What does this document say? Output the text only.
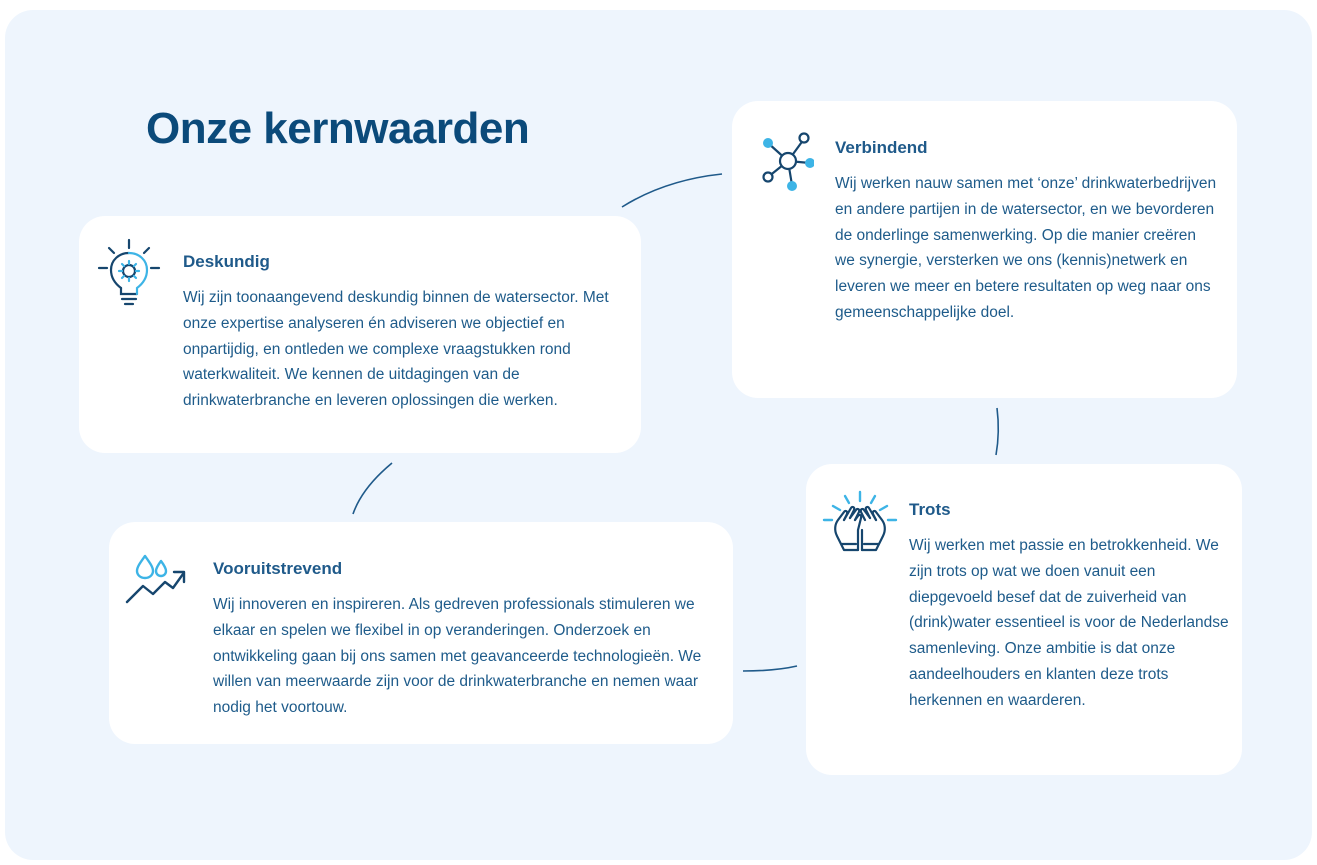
Onze kernwaarden
Deskundig

Wij zijn toonaangevend deskundig binnen de watersector. Met onze expertise analyseren én adviseren we objectief en onpartijdig, en ontleden we complexe vraagstukken rond waterkwaliteit. We kennen de uitdagingen van de drinkwaterbranche en leveren oplossingen die werken.

Verbindend

Wij werken nauw samen met ‘onze’ drinkwaterbedrijven en andere partijen in de watersector, en we bevorderen de onderlinge samenwerking. Op die manier creëren we synergie, versterken we ons (kennis)netwerk en leveren we meer en betere resultaten op weg naar ons gemeenschappelijke doel.

Vooruitstrevend

Wij innoveren en inspireren. Als gedreven professionals stimuleren we elkaar en spelen we flexibel in op veranderingen. Onderzoek en ontwikkeling gaan bij ons samen met geavanceerde technologieën. We willen van meerwaarde zijn voor de drinkwaterbranche en nemen waar nodig het voortouw.

Trots

Wij werken met passie en betrokkenheid. We zijn trots op wat we doen vanuit een diepgevoeld besef dat de zuiverheid van (drink)water essentieel is voor de Nederlandse samenleving. Onze ambitie is dat onze aandeelhouders en klanten deze trots herkennen en waarderen.
